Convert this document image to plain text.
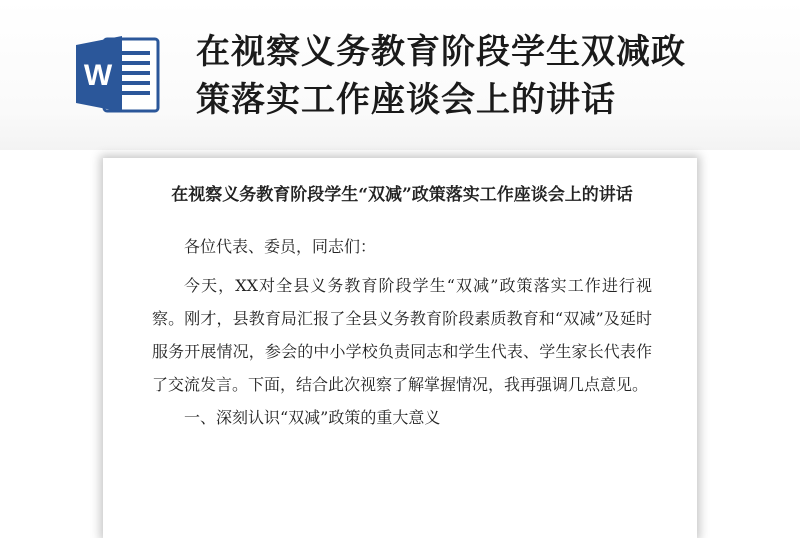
W
在视察义务教育阶段学生双减政
策落实工作座谈会上的讲话
在视察义务教育阶段学生“双减”政策落实工作座谈会上的讲话

各位代表、委员，同志们：

今天，XX对全县义务教育阶段学生“双减”政策落实工作进行视察。刚才，县教育局汇报了全县义务教育阶段素质教育和“双减”及延时服务开展情况，参会的中小学校负责同志和学生代表、学生家长代表作了交流发言。下面，结合此次视察了解掌握情况，我再强调几点意见。

一、深刻认识“双减”政策的重大意义
